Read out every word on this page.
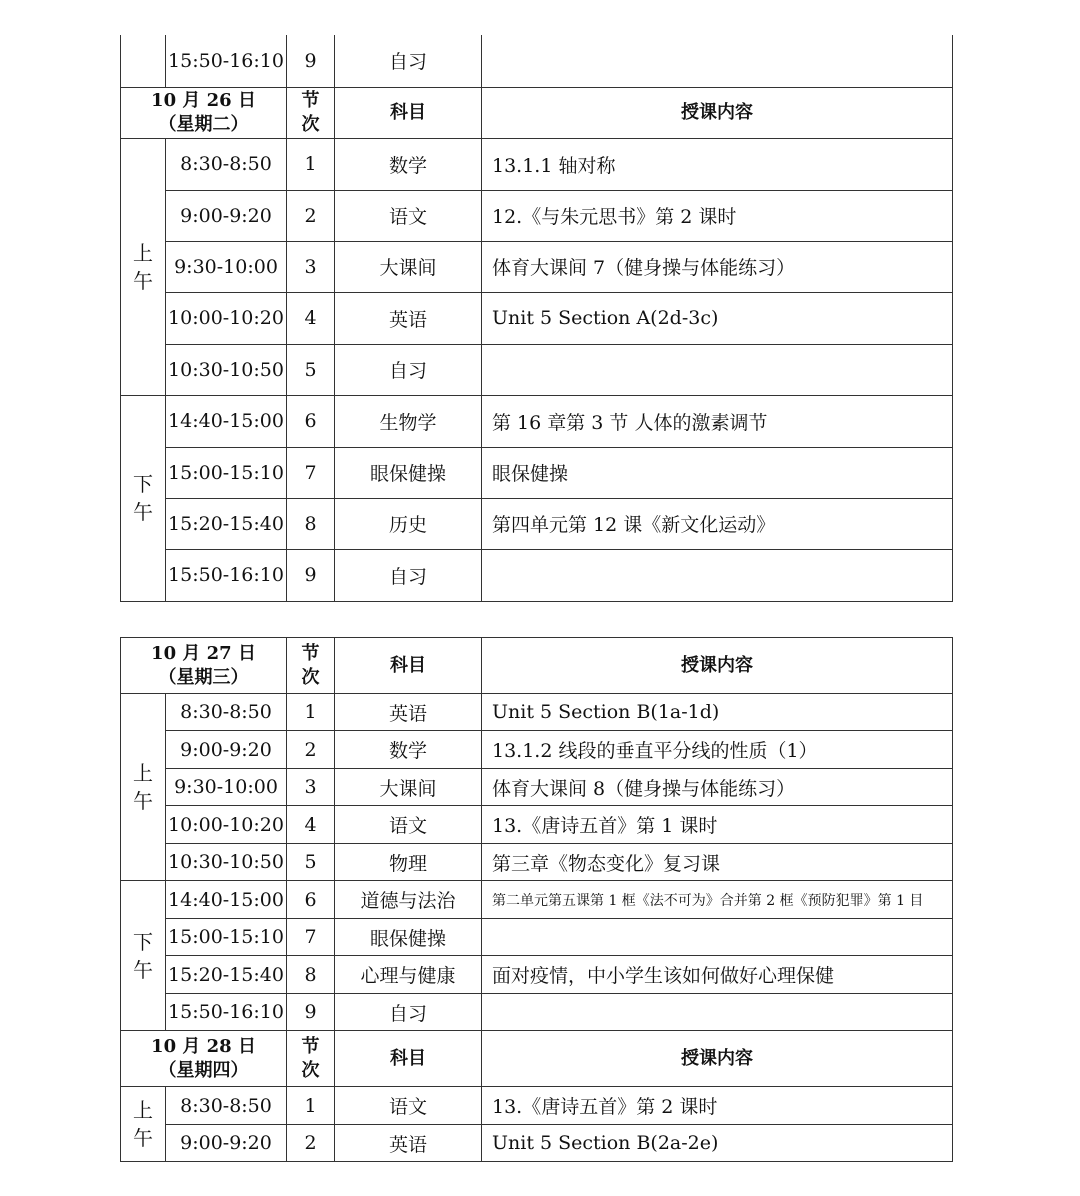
	15:50-16:10	9	自习	

10 月 26 日
（星期二）		节次	科目	授课内容
上午	8:30-8:50	1	数学	13.1.1 轴对称
	9:00-9:20	2	语文	12.《与朱元思书》第 2 课时
	9:30-10:00	3	大课间	体育大课间 7（健身操与体能练习）
	10:00-10:20	4	英语	Unit 5 Section A(2d-3c)
	10:30-10:50	5	自习	
下午	14:40-15:00	6	生物学	第 16 章第 3 节 人体的激素调节
	15:00-15:10	7	眼保健操	眼保健操
	15:20-15:40	8	历史	第四单元第 12 课《新文化运动》
	15:50-16:10	9	自习	
10 月 27 日
（星期三）		节次	科目	授课内容
上午	8:30-8:50	1	英语	Unit 5 Section B(1a-1d)
	9:00-9:20	2	数学	13.1.2 线段的垂直平分线的性质（1）
	9:30-10:00	3	大课间	体育大课间 8（健身操与体能练习）
	10:00-10:20	4	语文	13.《唐诗五首》第 1 课时
	10:30-10:50	5	物理	第三章《物态变化》复习课
下午	14:40-15:00	6	道德与法治	第二单元第五课第 1 框《法不可为》合并第 2 框《预防犯罪》第 1 目
	15:00-15:10	7	眼保健操	
	15:20-15:40	8	心理与健康	面对疫情，中小学生该如何做好心理保健
	15:50-16:10	9	自习	

10 月 28 日
（星期四）		节次	科目	授课内容
上午	8:30-8:50	1	语文	13.《唐诗五首》第 2 课时
	9:00-9:20	2	英语	Unit 5 Section B(2a-2e)
